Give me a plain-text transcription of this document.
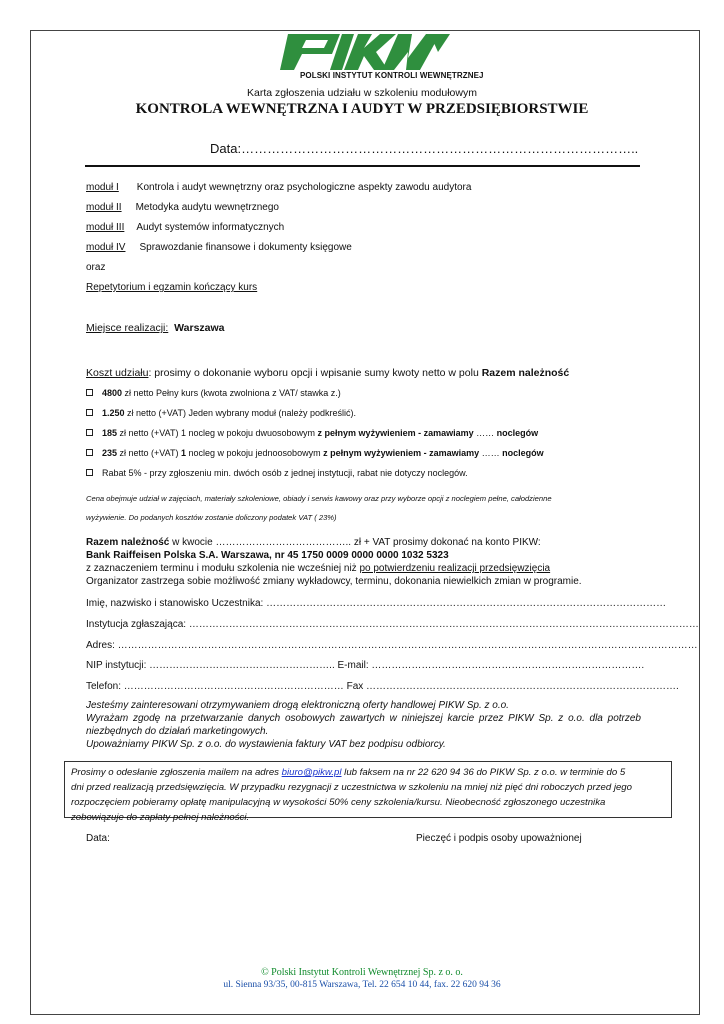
POLSKI INSTYTUT KONTROLI WEWNĘTRZNEJ
Karta zgłoszenia udziału w szkoleniu modułowym
KONTROLA WEWNĘTRZNA I AUDYT W PRZEDSIĘBIORSTWIE
Data:………………………………………………………………………………..
moduł I Kontrola i audyt wewnętrzny oraz psychologiczne aspekty zawodu audytora
moduł II Metodyka audytu wewnętrznego
moduł III Audyt systemów informatycznych
moduł IV Sprawozdanie finansowe i dokumenty księgowe
oraz
Repetytorium i egzamin kończący kurs
Miejsce realizacji: Warszawa
Koszt udziału: prosimy o dokonanie wyboru opcji i wpisanie sumy kwoty netto w polu Razem należność
4800 zł netto Pełny kurs (kwota zwolniona z VAT/ stawka z.)
1.250 zł netto (+VAT) Jeden wybrany moduł (należy podkreślić).
185 zł netto (+VAT) 1 nocleg w pokoju dwuosobowym z pełnym wyżywieniem - zamawiamy …… noclegów
235 zł netto (+VAT) 1 nocleg w pokoju jednoosobowym z pełnym wyżywieniem - zamawiamy …… noclegów
Rabat 5% - przy zgłoszeniu min. dwóch osób z jednej instytucji, rabat nie dotyczy noclegów.
Cena obejmuje udział w zajęciach, materiały szkoleniowe, obiady i serwis kawowy oraz przy wyborze opcji z noclegiem pełne, całodzienne
wyżywienie. Do podanych kosztów zostanie doliczony podatek VAT ( 23%)
Razem należność w kwocie ………………………………….. zł + VAT prosimy dokonać na konto PIKW:
Bank Raiffeisen Polska S.A. Warszawa, nr 45 1750 0009 0000 0000 1032 5323
z zaznaczeniem terminu i modułu szkolenia nie wcześniej niż po potwierdzeniu realizacji przedsięwzięcia
Organizator zastrzega sobie możliwość zmiany wykładowcy, terminu, dokonania niewielkich zmian w programie.
Imię, nazwisko i stanowisko Uczestnika: …………………………………………………………………………………………………………
Instytucja zgłaszająca: ………………………………………………………………………………………………………………………………………
Adres: …………………………………………………………………………………………………………………………………………………………
NIP instytucji: ……………………………………………….. E-mail: ……………………………………………………………………….
Telefon: ………………………………………………………… Fax ………………………………………………………………………………….
Jesteśmy zainteresowani otrzymywaniem drogą elektroniczną oferty handlowej PIKW Sp. z o.o.
Wyrażam zgodę na przetwarzanie danych osobowych zawartych w niniejszej karcie przez PIKW Sp. z o.o. dla potrzeb
niezbędnych do działań marketingowych.
Upoważniamy PIKW Sp. z o.o. do wystawienia faktury VAT bez podpisu odbiorcy.
Prosimy o odesłanie zgłoszenia mailem na adres biuro@pikw.pl lub faksem na nr 22 620 94 36 do PIKW Sp. z o.o. w terminie do 5
dni przed realizacją przedsięwzięcia. W przypadku rezygnacji z uczestnictwa w szkoleniu na mniej niż pięć dni roboczych przed jego
rozpoczęciem pobieramy opłatę manipulacyjną w wysokości 50% ceny szkolenia/kursu. Nieobecność zgłoszonego uczestnika
zobowiązuje do zapłaty pełnej należności.
Data:	Pieczęć i podpis osoby upoważnionej
© Polski Instytut Kontroli Wewnętrznej Sp. z o. o.
ul. Sienna 93/35, 00-815 Warszawa, Tel. 22 654 10 44, fax. 22 620 94 36
